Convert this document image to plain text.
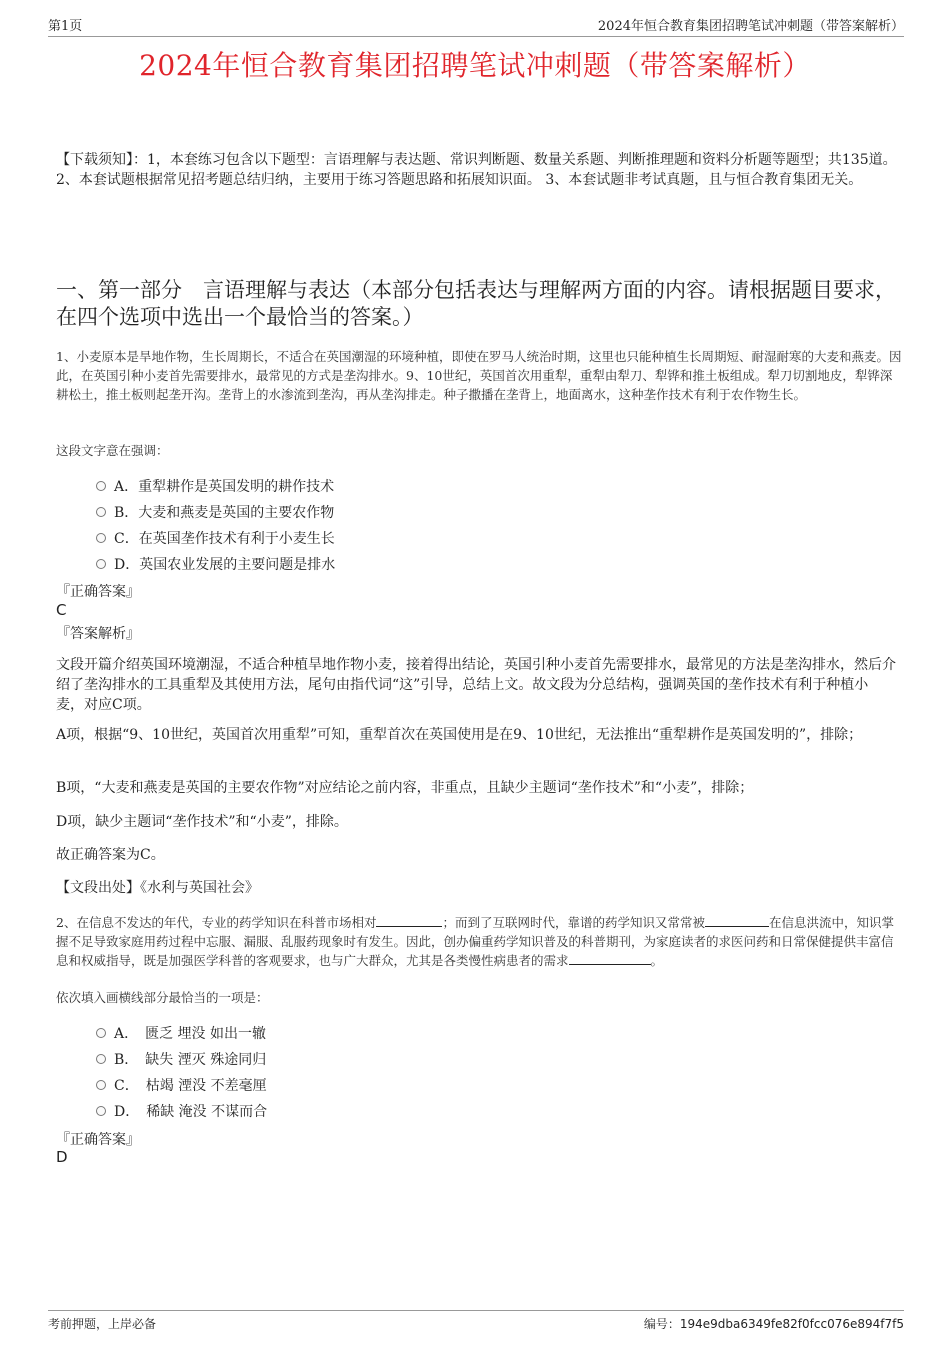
第1页	2024年恒合教育集团招聘笔试冲刺题（带答案解析）
2024年恒合教育集团招聘笔试冲刺题（带答案解析）
【下载须知】：1，本套练习包含以下题型：言语理解与表达题、常识判断题、数量关系题、判断推理题和资料分析题等题型；共135道。 2、本套试题根据常见招考题总结归纳，主要用于练习答题思路和拓展知识面。 3、本套试题非考试真题，且与恒合教育集团无关。
一、第一部分　言语理解与表达（本部分包括表达与理解两方面的内容。请根据题目要求，在四个选项中选出一个最恰当的答案。）
1、小麦原本是旱地作物，生长周期长，不适合在英国潮湿的环境种植，即使在罗马人统治时期，这里也只能种植生长周期短、耐湿耐寒的大麦和燕麦。因此，在英国引种小麦首先需要排水，最常见的方式是垄沟排水。9、10世纪，英国首次用重犁，重犁由犁刀、犁铧和推土板组成。犁刀切割地皮，犁铧深耕松土，推土板则起垄开沟。垄背上的水渗流到垄沟，再从垄沟排走。种子撒播在垄背上，地面离水，这种垄作技术有利于农作物生长。
这段文字意在强调：
A．重犁耕作是英国发明的耕作技术
B．大麦和燕麦是英国的主要农作物
C．在英国垄作技术有利于小麦生长
D．英国农业发展的主要问题是排水
『正确答案』
C
『答案解析』
文段开篇介绍英国环境潮湿，不适合种植旱地作物小麦，接着得出结论，英国引种小麦首先需要排水，最常见的方法是垄沟排水，然后介绍了垄沟排水的工具重犁及其使用方法，尾句由指代词“这”引导，总结上文。故文段为分总结构，强调英国的垄作技术有利于种植小麦，对应C项。
A项，根据“9、10世纪，英国首次用重犁”可知，重犁首次在英国使用是在9、10世纪，无法推出“重犁耕作是英国发明的”，排除；
B项，“大麦和燕麦是英国的主要农作物”对应结论之前内容，非重点，且缺少主题词“垄作技术”和“小麦”，排除；
D项，缺少主题词“垄作技术”和“小麦”，排除。
故正确答案为C。
【文段出处】《水利与英国社会》
2、在信息不发达的年代，专业的药学知识在科普市场相对	；而到了互联网时代，靠谱的药学知识又常常被	在信息洪流中，知识掌握不足导致家庭用药过程中忘服、漏服、乱服药现象时有发生。因此，创办偏重药学知识普及的科普期刊，为家庭读者的求医问药和日常保健提供丰富信息和权威指导，既是加强医学科普的客观要求，也与广大群众，尤其是各类慢性病患者的需求	。
依次填入画横线部分最恰当的一项是：
A．　匮乏 埋没 如出一辙
B．　缺失 湮灭 殊途同归
C．　枯竭 湮没 不差毫厘
D．　稀缺 淹没 不谋而合
『正确答案』
D
考前押题，上岸必备	编号：194e9dba6349fe82f0fcc076e894f7f5
